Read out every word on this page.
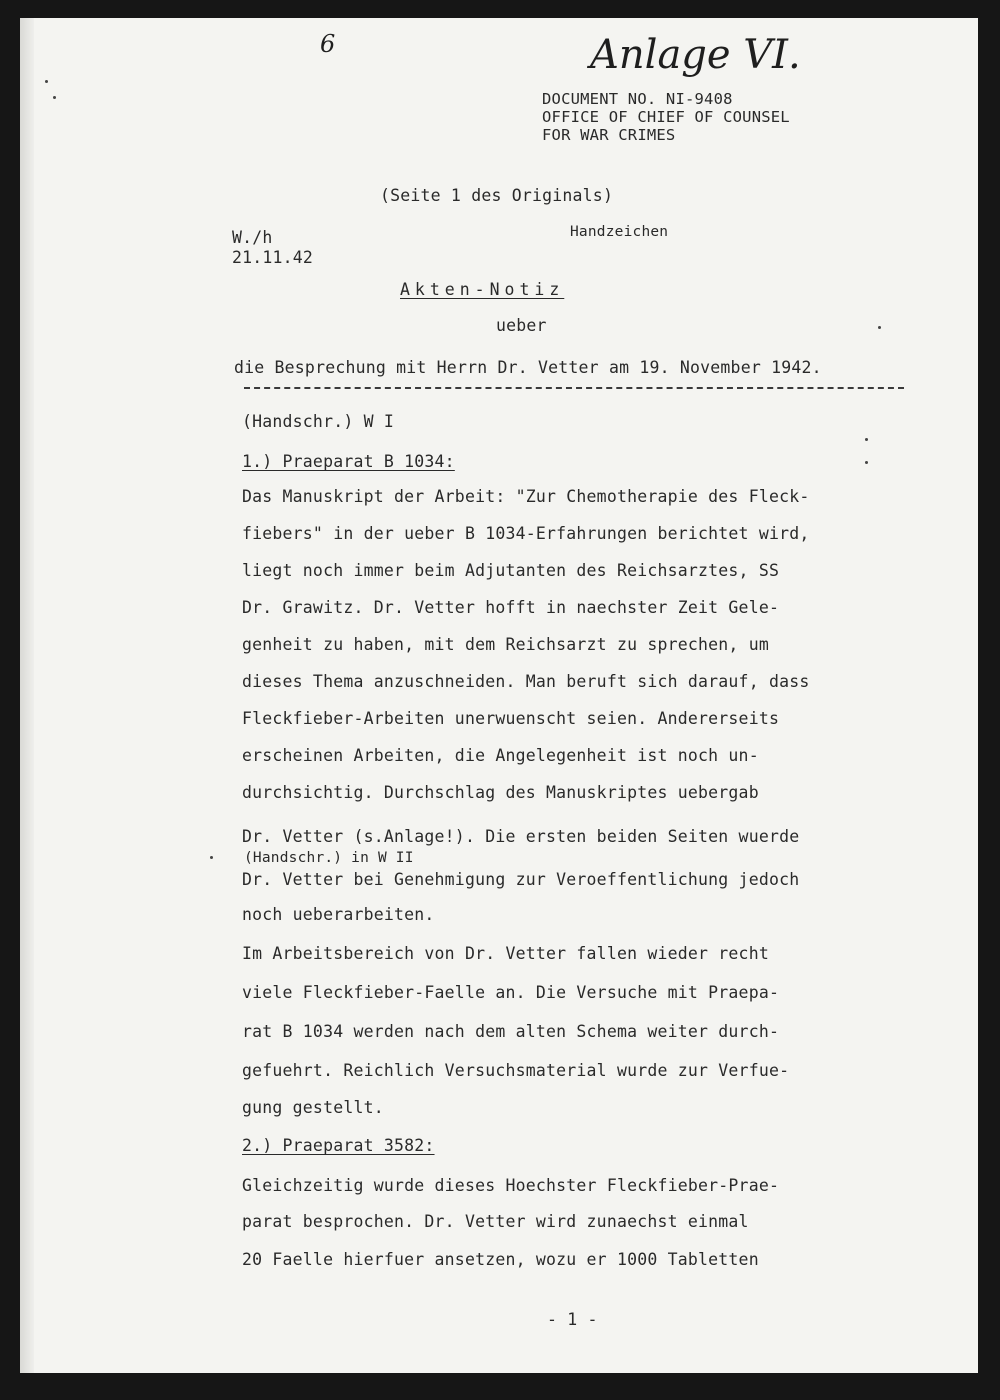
6	Anlage VI.
DOCUMENT NO. NI-9408
OFFICE OF CHIEF OF COUNSEL
FOR WAR CRIMES
(Seite 1 des Originals)
Handzeichen
W./h
21.11.42
Akten-Notiz
ueber
die Besprechung mit Herrn Dr. Vetter am 19. November 1942.
(Handschr.) W I
1.) Praeparat B 1034:
Das Manuskript der Arbeit: "Zur Chemotherapie des Fleck-
fiebers" in der ueber B 1034-Erfahrungen berichtet wird,
liegt noch immer beim Adjutanten des Reichsarztes, SS
Dr. Grawitz. Dr. Vetter hofft in naechster Zeit Gele-
genheit zu haben, mit dem Reichsarzt zu sprechen, um
dieses Thema anzuschneiden. Man beruft sich darauf, dass
Fleckfieber-Arbeiten unerwuenscht seien. Andererseits
erscheinen Arbeiten, die Angelegenheit ist noch un-
durchsichtig. Durchschlag des Manuskriptes uebergab
Dr. Vetter (s.Anlage!). Die ersten beiden Seiten wuerde
(Handschr.) in W II
Dr. Vetter bei Genehmigung zur Veroeffentlichung jedoch
noch ueberarbeiten.
Im Arbeitsbereich von Dr. Vetter fallen wieder recht
viele Fleckfieber-Faelle an. Die Versuche mit Praepa-
rat B 1034 werden nach dem alten Schema weiter durch-
gefuehrt. Reichlich Versuchsmaterial wurde zur Verfue-
gung gestellt.
2.) Praeparat 3582:
Gleichzeitig wurde dieses Hoechster Fleckfieber-Prae-
parat besprochen. Dr. Vetter wird zunaechst einmal
20 Faelle hierfuer ansetzen, wozu er 1000 Tabletten
- 1 -
